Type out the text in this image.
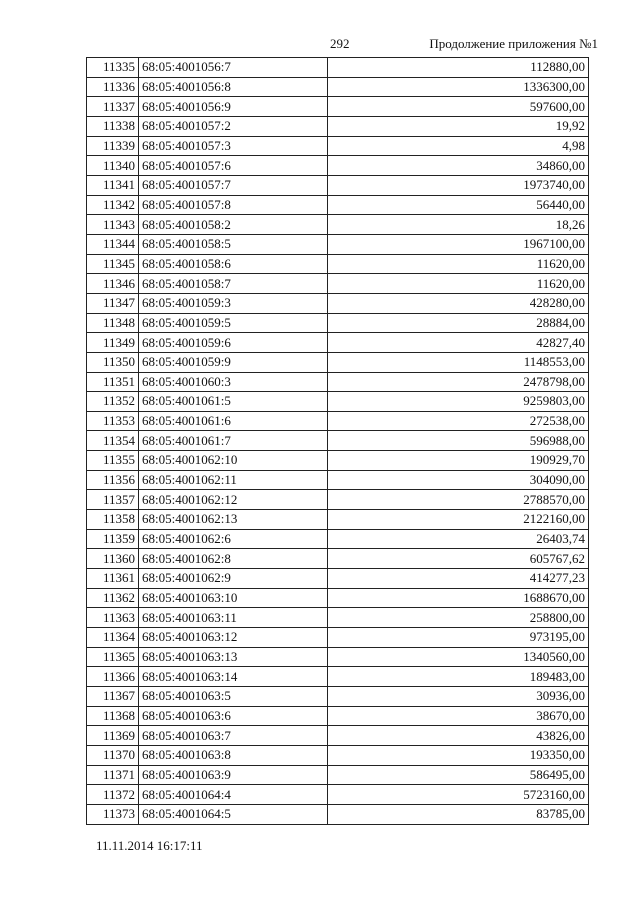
292	Продолжение приложения №1
11335	68:05:4001056:7	112880,00
11336	68:05:4001056:8	1336300,00
11337	68:05:4001056:9	597600,00
11338	68:05:4001057:2	19,92
11339	68:05:4001057:3	4,98
11340	68:05:4001057:6	34860,00
11341	68:05:4001057:7	1973740,00
11342	68:05:4001057:8	56440,00
11343	68:05:4001058:2	18,26
11344	68:05:4001058:5	1967100,00
11345	68:05:4001058:6	11620,00
11346	68:05:4001058:7	11620,00
11347	68:05:4001059:3	428280,00
11348	68:05:4001059:5	28884,00
11349	68:05:4001059:6	42827,40
11350	68:05:4001059:9	1148553,00
11351	68:05:4001060:3	2478798,00
11352	68:05:4001061:5	9259803,00
11353	68:05:4001061:6	272538,00
11354	68:05:4001061:7	596988,00
11355	68:05:4001062:10	190929,70
11356	68:05:4001062:11	304090,00
11357	68:05:4001062:12	2788570,00
11358	68:05:4001062:13	2122160,00
11359	68:05:4001062:6	26403,74
11360	68:05:4001062:8	605767,62
11361	68:05:4001062:9	414277,23
11362	68:05:4001063:10	1688670,00
11363	68:05:4001063:11	258800,00
11364	68:05:4001063:12	973195,00
11365	68:05:4001063:13	1340560,00
11366	68:05:4001063:14	189483,00
11367	68:05:4001063:5	30936,00
11368	68:05:4001063:6	38670,00
11369	68:05:4001063:7	43826,00
11370	68:05:4001063:8	193350,00
11371	68:05:4001063:9	586495,00
11372	68:05:4001064:4	5723160,00
11373	68:05:4001064:5	83785,00
11.11.2014 16:17:11
